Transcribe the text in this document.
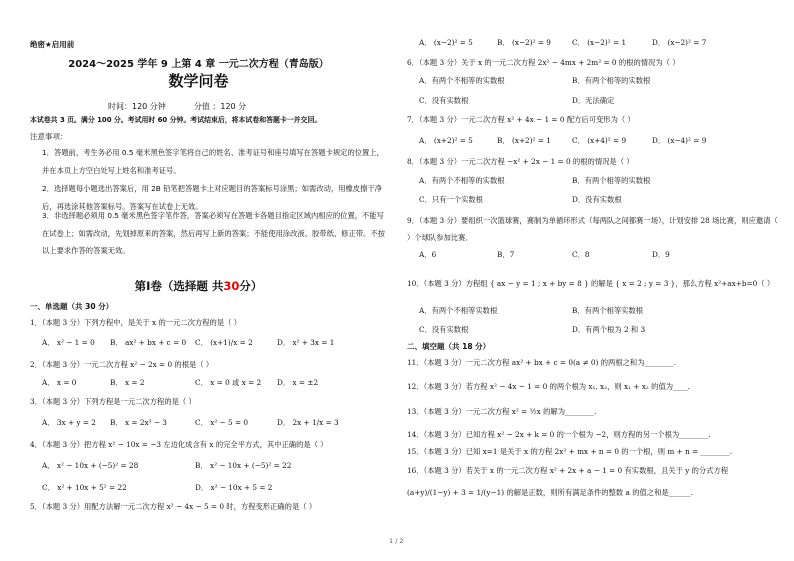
绝密★启用前
2024～2025 学年 9 上第 4 章 一元二次方程（青岛版）
数学问卷
时间：120 分钟	分值 ：120 分
本试卷共 3 页。满分 100 分。考试用时 60 分钟。考试结束后，将本试卷和答题卡一并交回。
注意事项：
1．答题前，考生务必用 0.5 毫米黑色签字笔将自己的姓名、准考证号和座号填写在答题卡规定的位置上，并在本页上方空白处写上姓名和准考证号。
2．选择题每小题选出答案后，用 2B 铅笔把答题卡上对应题目的答案标号涂黑；如需改动，用橡皮擦干净后，再选涂其他答案标号。答案写在试卷上无效。
3．非选择题必须用 0.5 毫米黑色签字笔作答，答案必须写在答题卡各题目指定区域内相应的位置，不能写在试卷上；如需改动，先划掉原来的答案，然后再写上新的答案；不能使用涂改液、胶带纸、修正带。不按以上要求作答的答案无效。
第Ⅰ卷（选择题 共30分）
一、单选题（共 30 分）
1．（本题 3 分）下列方程中，是关于 x 的一元二次方程的是（ ）
A． x² − 1 = 0 B． ax² + bx + c = 0 C． (x+1)/x = 2	D． x² + 3x = 1
2．（本题 3 分）一元二次方程 x² − 2x = 0 的根是（ ）
A． x = 0	B． x = 2	C． x = 0 或 x = 2 D． x = ±2
3．（本题 3 分）下列方程是一元二次方程的是（ ）
A． 3x + y = 2 B． x = 2x³ − 3	C． x² − 5 = 0	D． 2x + 1/x = 3
4．（本题 3 分）把方程 x² − 10x = −3 左边化成含有 x 的完全平方式，其中正确的是（ ）
A． x² − 10x + (−5)² = 28	B． x² − 10x + (−5)² = 22
C． x² + 10x + 5² = 22	D． x² − 10x + 5 = 2
5．（本题 3 分）用配方法解一元二次方程 x² − 4x − 5 = 0 时，方程变形正确的是（ ）
A． (x−2)² = 5	B． (x−2)² = 9	C． (x−2)² = 1	D． (x−2)² = 7
6．（本题 3 分）关于 x 的一元二次方程 2x² − 4mx + 2m² = 0 的根的情况为（ ）
A．有两个不相等的实数根	B．有两个相等的实数根
C．没有实数根	D．无法确定
7．（本题 3 分）一元二次方程 x² + 4x − 1 = 0 配方后可变形为（ ）
A． (x+2)² = 5	B． (x+2)² = 1	C． (x+4)² = 9	D． (x−4)² = 9
8．（本题 3 分）一元二次方程 −x² + 2x − 1 = 0 的根的情况是（ ）
A．有两个不相等的实数根	B．有两个相等的实数根
C．只有一个实数根	D．没有实数根
9．（本题 3 分）要组织一次篮球赛，赛制为单循环形式（每两队之间都赛一场），计划安排 28 场比赛，则应邀请（ ）个球队参加比赛．
A．6	B．7	C．8	D．9
10．（本题 3 分）方程组 { ax − y = 1 ; x + by = 8 } 的解是 { x = 2 ; y = 3 }，那么方程 x²+ax+b=0（ ）
A．有两个不相等实数根	B．有两个相等实数根
C．没有实数根	D．有两个根为 2 和 3
二、填空题（共 18 分）
11．（本题 3 分）一元二次方程 ax² + bx + c = 0(a ≠ 0) 的两根之和为________.
12．（本题 3 分）若方程 x² − 4x − 1 = 0 的两个根为 x₁, x₂，则 x₁ + x₂ 的值为____.
13．（本题 3 分）一元二次方程 x² = ½x 的解为________.
14．（本题 3 分）已知方程 x² − 2x + k = 0 的一个根为 −2，则方程的另一个根为________.
15．（本题 3 分）已知 x=1 是关于 x 的方程 2x² + mx + n = 0 的一个根，则 m + n = ________.
16．（本题 3 分）若关于 x 的一元二次方程 x² + 2x + a − 1 = 0 有实数根，且关于 y 的分式方程
(a+y)/(1−y) + 3 = 1/(y−1) 的解是正数，则所有满足条件的整数 a 的值之和是______.
1 / 2
